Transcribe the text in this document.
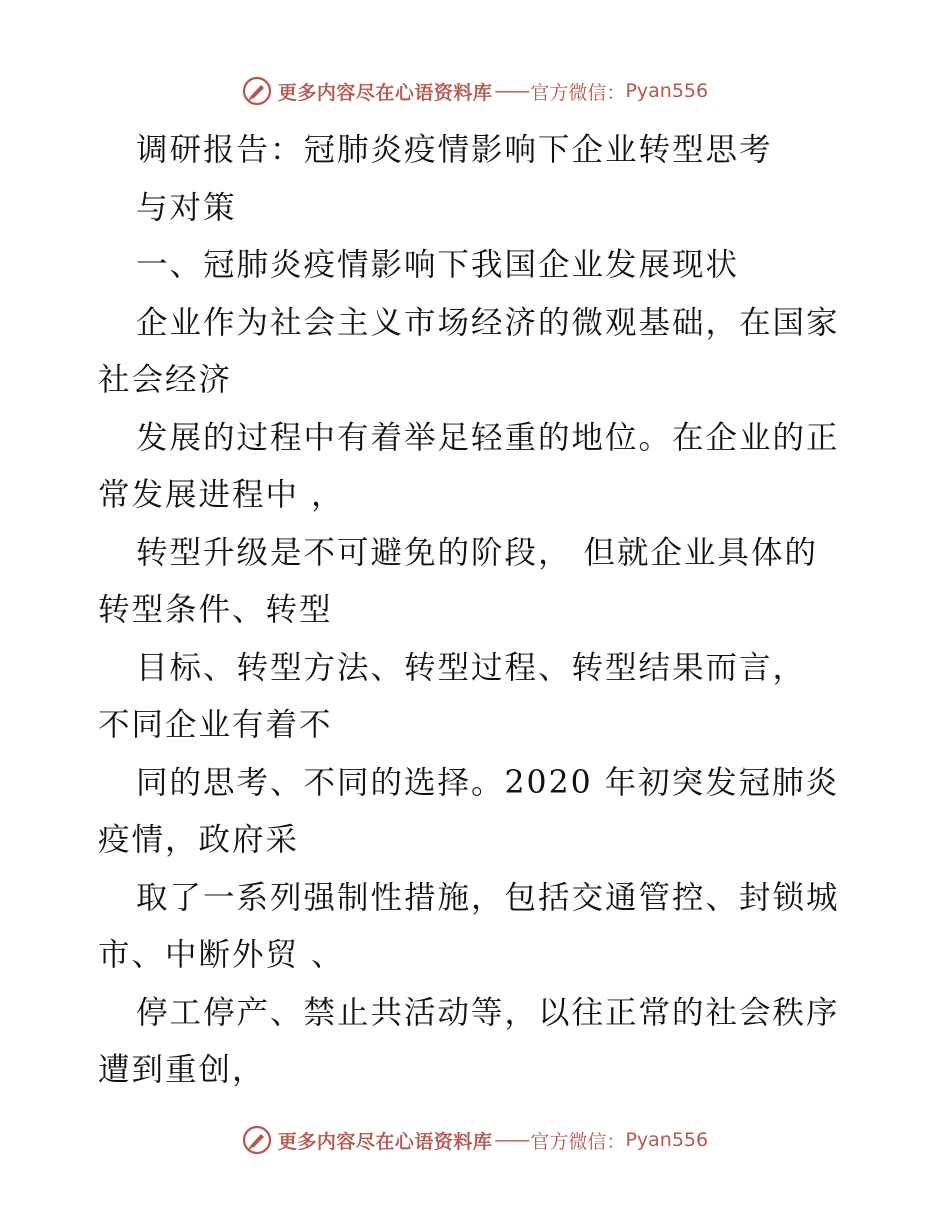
更多内容尽在心语资料库 —— 官方微信： Pyan556
调研报告：冠肺炎疫情影响下企业转型思考
与对策
一、冠肺炎疫情影响下我国企业发展现状
企业作为社会主义市场经济的微观基础，在国家
社会经济
发展的过程中有着举足轻重的地位。在企业的正
常发展进程中 ，
转型升级是不可避免的阶段， 但就企业具体的
转型条件、转型
目标、转型方法、转型过程、转型结果而言，
不同企业有着不
同的思考、不同的选择。2020 年初突发冠肺炎
疫情，政府采
取了一系列强制性措施，包括交通管控、封锁城
市、中断外贸 、
停工停产、禁止共活动等，以往正常的社会秩序
遭到重创，
更多内容尽在心语资料库 —— 官方微信： Pyan556
